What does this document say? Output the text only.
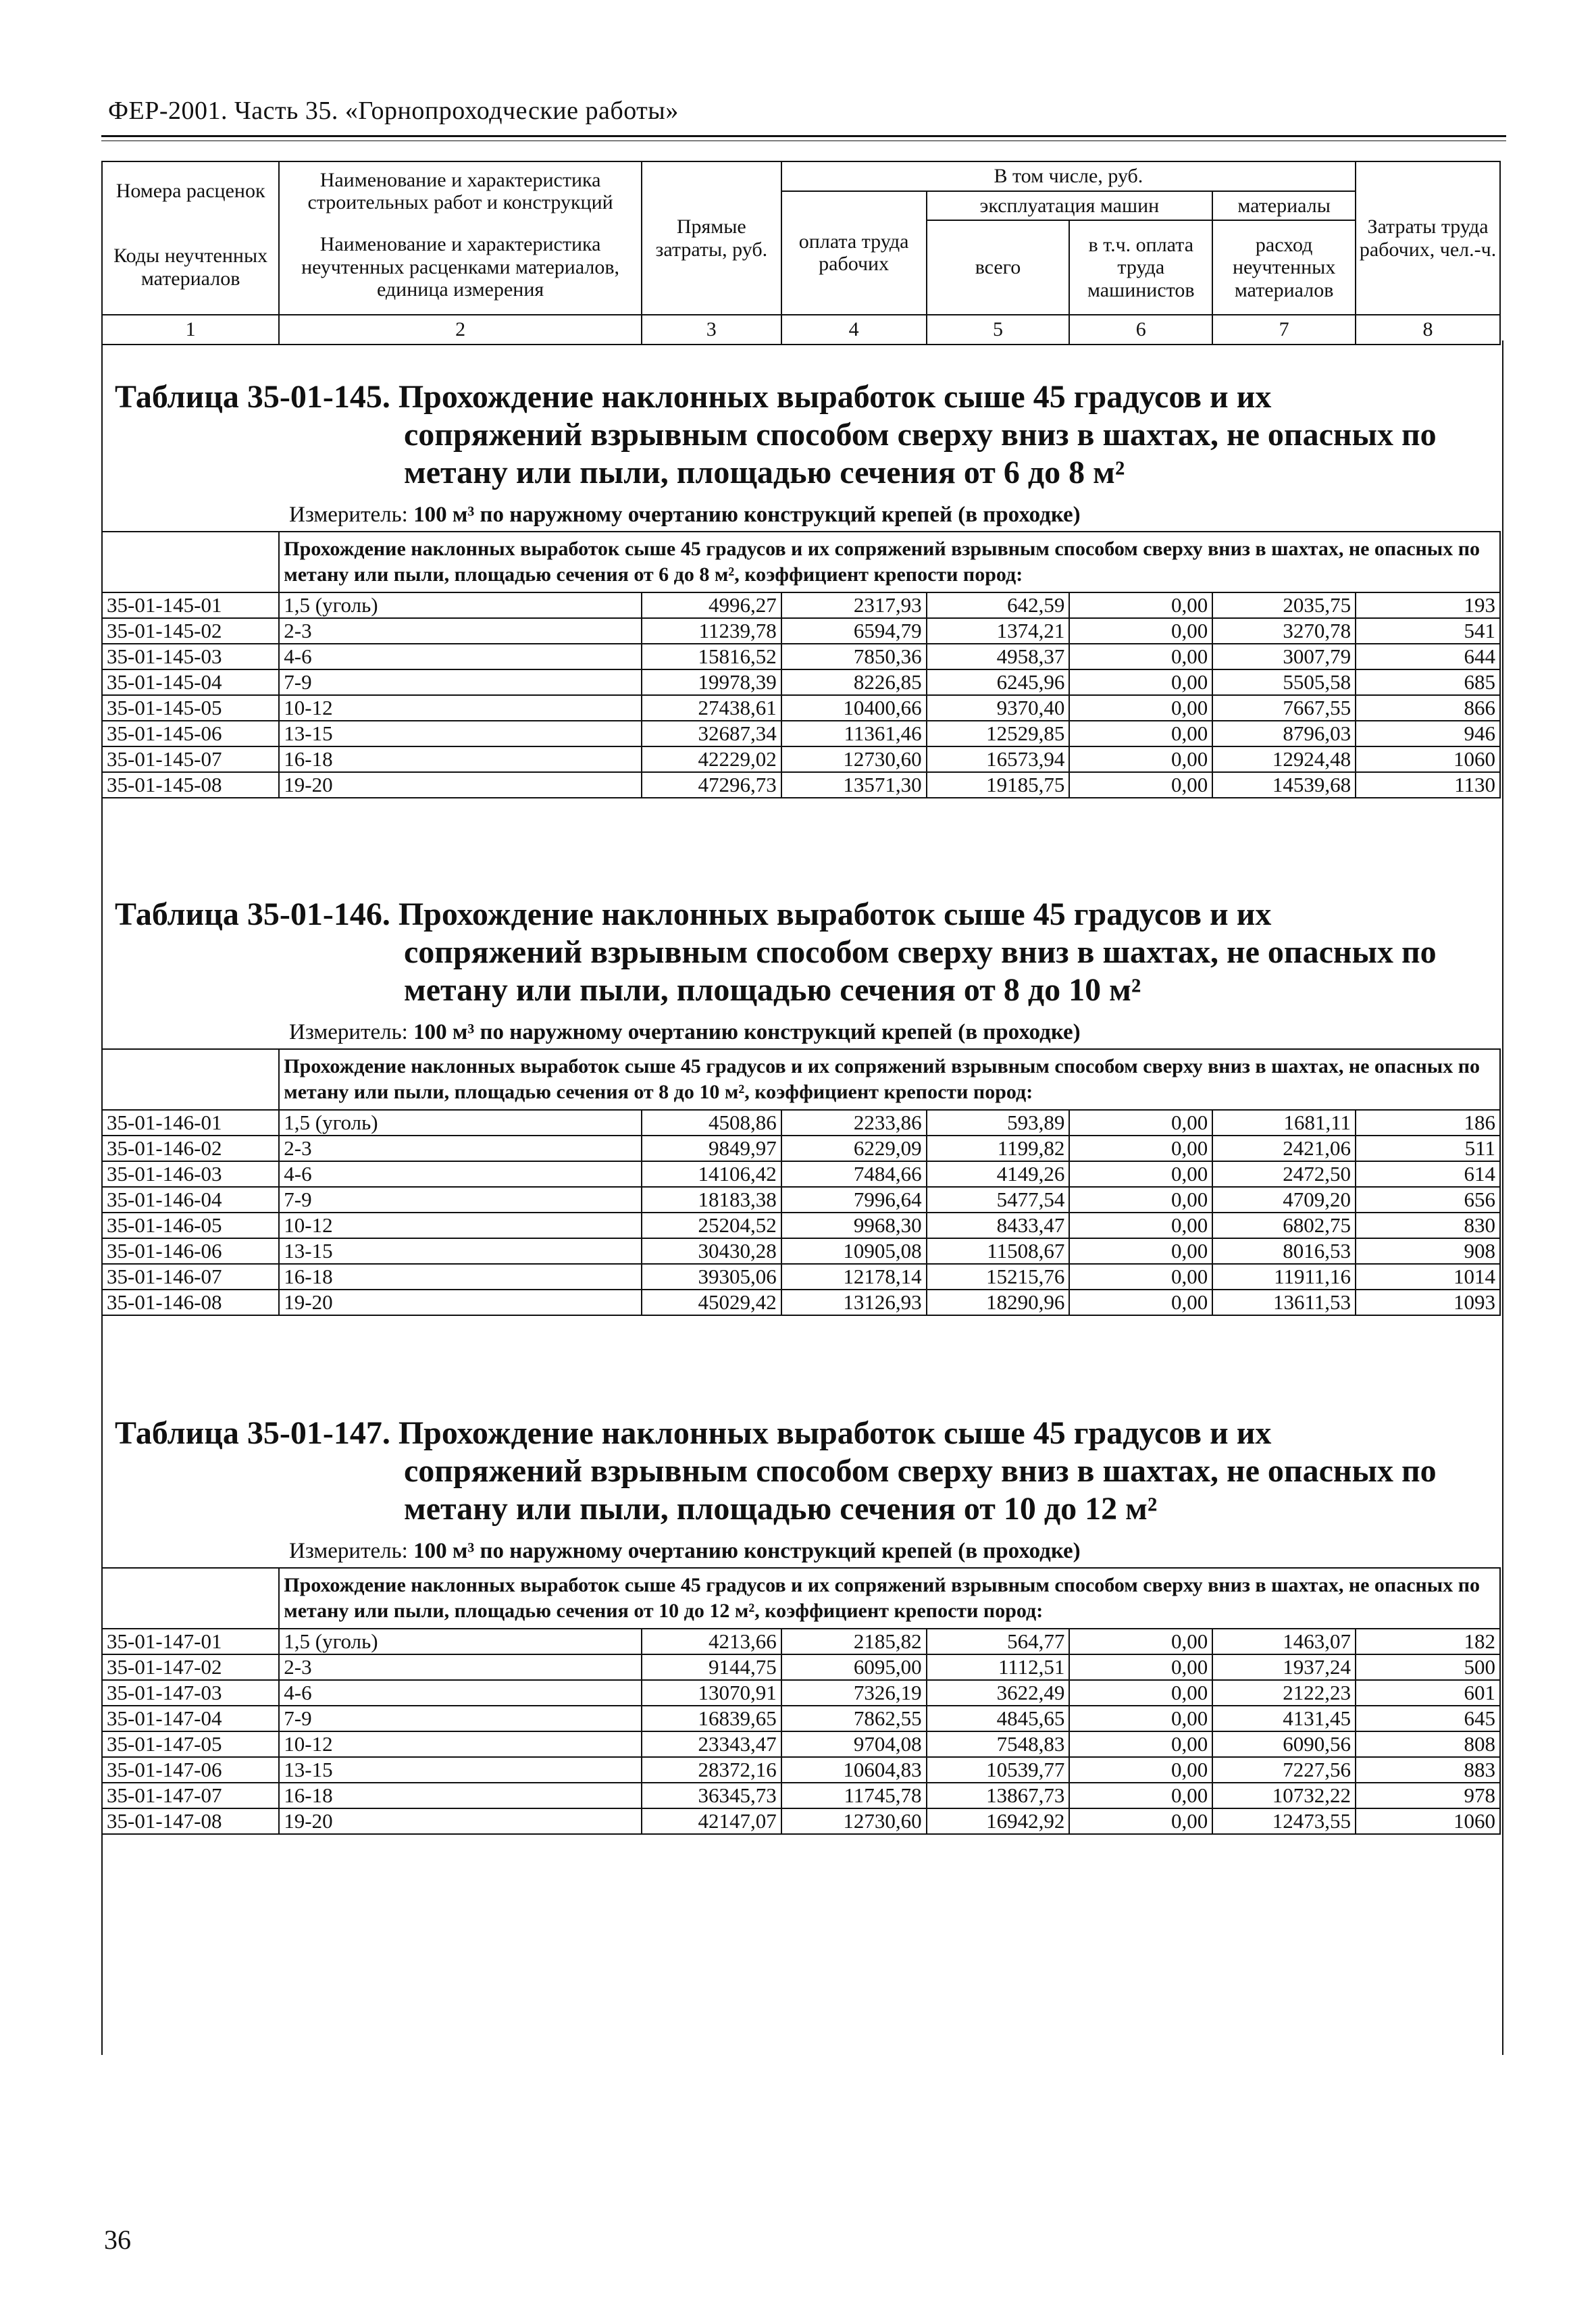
ФЕР-2001. Часть 35. «Горнопроходческие работы»
Номера расценок	Наименование и характеристика строительных работ и конструкций	Прямые затраты, руб.	В том числе, руб.				Затраты труда рабочих, чел.-ч.
			оплата труда рабочих	эксплуатация машин		материалы	
Коды неучтенных материалов	Наименование и характеристика неучтенных расценками материалов, единица измерения			всего	в т.ч. оплата труда машинистов	расход неучтенных материалов	

1	2	3	4	5	6	7	8
Таблица 35-01-145. Прохождение наклонных выработок сыше 45 градусов и их
сопряжений взрывным способом сверху вниз в шахтах, не опасных по
метану или пыли, площадью сечения от 6 до 8 м²
Измеритель: 100 м³ по наружному очертанию конструкций крепей (в проходке)
	Прохождение наклонных выработок сыше 45 градусов и их сопряжений взрывным способом сверху вниз в шахтах, не опасных по метану или пыли, площадью сечения от 6 до 8 м², коэффициент крепости пород:						
35-01-145-01	1,5 (уголь)	4996,27	2317,93	642,59	0,00	2035,75	193
35-01-145-02	2-3	11239,78	6594,79	1374,21	0,00	3270,78	541
35-01-145-03	4-6	15816,52	7850,36	4958,37	0,00	3007,79	644
35-01-145-04	7-9	19978,39	8226,85	6245,96	0,00	5505,58	685
35-01-145-05	10-12	27438,61	10400,66	9370,40	0,00	7667,55	866
35-01-145-06	13-15	32687,34	11361,46	12529,85	0,00	8796,03	946
35-01-145-07	16-18	42229,02	12730,60	16573,94	0,00	12924,48	1060
35-01-145-08	19-20	47296,73	13571,30	19185,75	0,00	14539,68	1130
Таблица 35-01-146. Прохождение наклонных выработок сыше 45 градусов и их
сопряжений взрывным способом сверху вниз в шахтах, не опасных по
метану или пыли, площадью сечения от 8 до 10 м²
Измеритель: 100 м³ по наружному очертанию конструкций крепей (в проходке)
	Прохождение наклонных выработок сыше 45 градусов и их сопряжений взрывным способом сверху вниз в шахтах, не опасных по метану или пыли, площадью сечения от 8 до 10 м², коэффициент крепости пород:						
35-01-146-01	1,5 (уголь)	4508,86	2233,86	593,89	0,00	1681,11	186
35-01-146-02	2-3	9849,97	6229,09	1199,82	0,00	2421,06	511
35-01-146-03	4-6	14106,42	7484,66	4149,26	0,00	2472,50	614
35-01-146-04	7-9	18183,38	7996,64	5477,54	0,00	4709,20	656
35-01-146-05	10-12	25204,52	9968,30	8433,47	0,00	6802,75	830
35-01-146-06	13-15	30430,28	10905,08	11508,67	0,00	8016,53	908
35-01-146-07	16-18	39305,06	12178,14	15215,76	0,00	11911,16	1014
35-01-146-08	19-20	45029,42	13126,93	18290,96	0,00	13611,53	1093
Таблица 35-01-147. Прохождение наклонных выработок сыше 45 градусов и их
сопряжений взрывным способом сверху вниз в шахтах, не опасных по
метану или пыли, площадью сечения от 10 до 12 м²
Измеритель: 100 м³ по наружному очертанию конструкций крепей (в проходке)
	Прохождение наклонных выработок сыше 45 градусов и их сопряжений взрывным способом сверху вниз в шахтах, не опасных по метану или пыли, площадью сечения от 10 до 12 м², коэффициент крепости пород:						
35-01-147-01	1,5 (уголь)	4213,66	2185,82	564,77	0,00	1463,07	182
35-01-147-02	2-3	9144,75	6095,00	1112,51	0,00	1937,24	500
35-01-147-03	4-6	13070,91	7326,19	3622,49	0,00	2122,23	601
35-01-147-04	7-9	16839,65	7862,55	4845,65	0,00	4131,45	645
35-01-147-05	10-12	23343,47	9704,08	7548,83	0,00	6090,56	808
35-01-147-06	13-15	28372,16	10604,83	10539,77	0,00	7227,56	883
35-01-147-07	16-18	36345,73	11745,78	13867,73	0,00	10732,22	978
35-01-147-08	19-20	42147,07	12730,60	16942,92	0,00	12473,55	1060
36
